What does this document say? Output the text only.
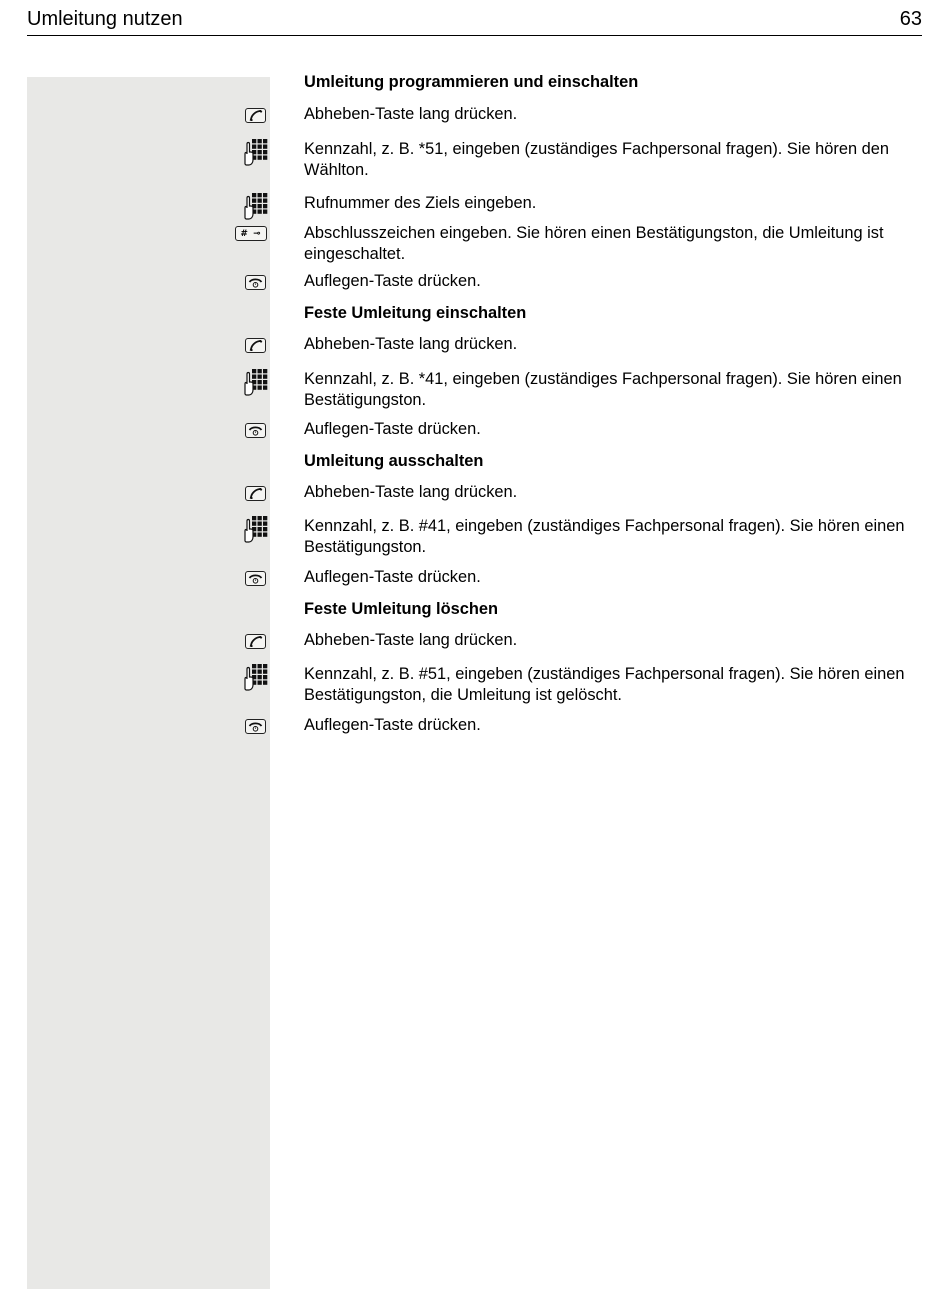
Umleitung nutzen	63
Umleitung programmieren und einschalten
Abheben-Taste lang drücken.
Kennzahl, z. B. *51, eingeben (zuständiges Fachpersonal fragen). Sie hören den Wählton.
Rufnummer des Ziels eingeben.
# ⊸	Abschlusszeichen eingeben. Sie hören einen Bestätigungston, die Umleitung ist eingeschaltet.
Auflegen-Taste drücken.
Feste Umleitung einschalten
Abheben-Taste lang drücken.
Kennzahl, z. B. *41, eingeben (zuständiges Fachpersonal fragen). Sie hören einen Bestätigungston.
Auflegen-Taste drücken.
Umleitung ausschalten
Abheben-Taste lang drücken.
Kennzahl, z. B. #41, eingeben (zuständiges Fachpersonal fragen). Sie hören einen Bestätigungston.
Auflegen-Taste drücken.
Feste Umleitung löschen
Abheben-Taste lang drücken.
Kennzahl, z. B. #51, eingeben (zuständiges Fachpersonal fragen). Sie hören einen Bestätigungston, die Umleitung ist gelöscht.
Auflegen-Taste drücken.
